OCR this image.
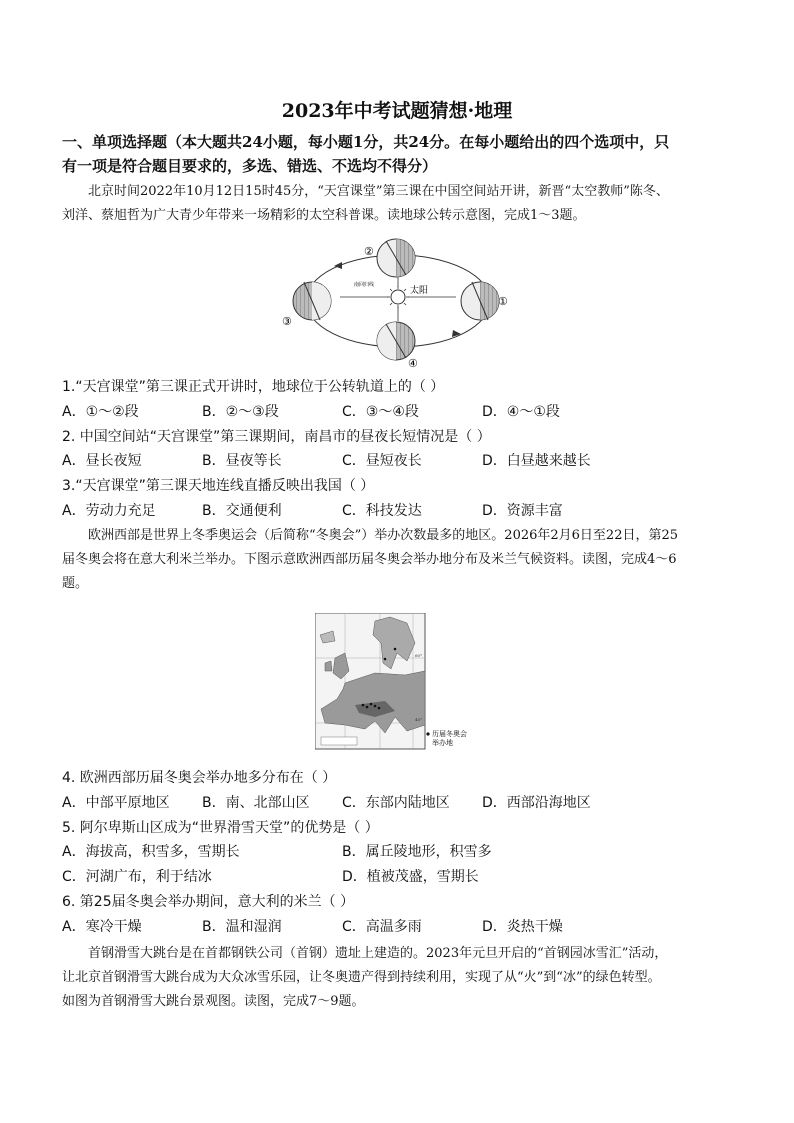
2023年中考试题猜想·地理
一、单项选择题（本大题共24小题，每小题1分，共24分。在每小题给出的四个选项中，只
有一项是符合题目要求的，多选、错选、不选均不得分）
北京时间2022年10月12日15时45分，“天宫课堂”第三课在中国空间站开讲，新晋“太空教师”陈冬、
刘洋、蔡旭哲为广大青少年带来一场精彩的太空科普课。读地球公转示意图，完成1～3题。
太阳
南回归线
②
①
③
④
1.“天宫课堂”第三课正式开讲时，地球位于公转轨道上的（ ）
A．①～②段	B．②～③段	C．③～④段	D．④～①段
2. 中国空间站“天宫课堂”第三课期间，南昌市的昼夜长短情况是（ ）
A．昼长夜短	B．昼夜等长	C．昼短夜长	D．白昼越来越长
3.“天宫课堂”第三课天地连线直播反映出我国（ ）
A．劳动力充足	B．交通便利	C．科技发达	D．资源丰富
欧洲西部是世界上冬季奥运会（后简称“冬奥会”）举办次数最多的地区。2026年2月6日至22日，第25
届冬奥会将在意大利米兰举办。下图示意欧洲西部历届冬奥会举办地分布及米兰气候资料。读图，完成4～6
题。
60°
40°
历届冬奥会
举办地
4. 欧洲西部历届冬奥会举办地多分布在（ ）
A．中部平原地区 B．南、北部山区 C．东部内陆地区 D．西部沿海地区
5. 阿尔卑斯山区成为“世界滑雪天堂”的优势是（ ）
A．海拔高，积雪多，雪期长	B．属丘陵地形，积雪多
C．河湖广布，利于结冰	D．植被茂盛，雪期长
6. 第25届冬奥会举办期间，意大利的米兰（ ）
A．寒冷干燥	B．温和湿润	C．高温多雨	D．炎热干燥
首钢滑雪大跳台是在首都钢铁公司（首钢）遗址上建造的。2023年元旦开启的“首钢园冰雪汇”活动，
让北京首钢滑雪大跳台成为大众冰雪乐园，让冬奥遗产得到持续利用，实现了从“火”到“冰”的绿色转型。
如图为首钢滑雪大跳台景观图。读图，完成7～9题。
